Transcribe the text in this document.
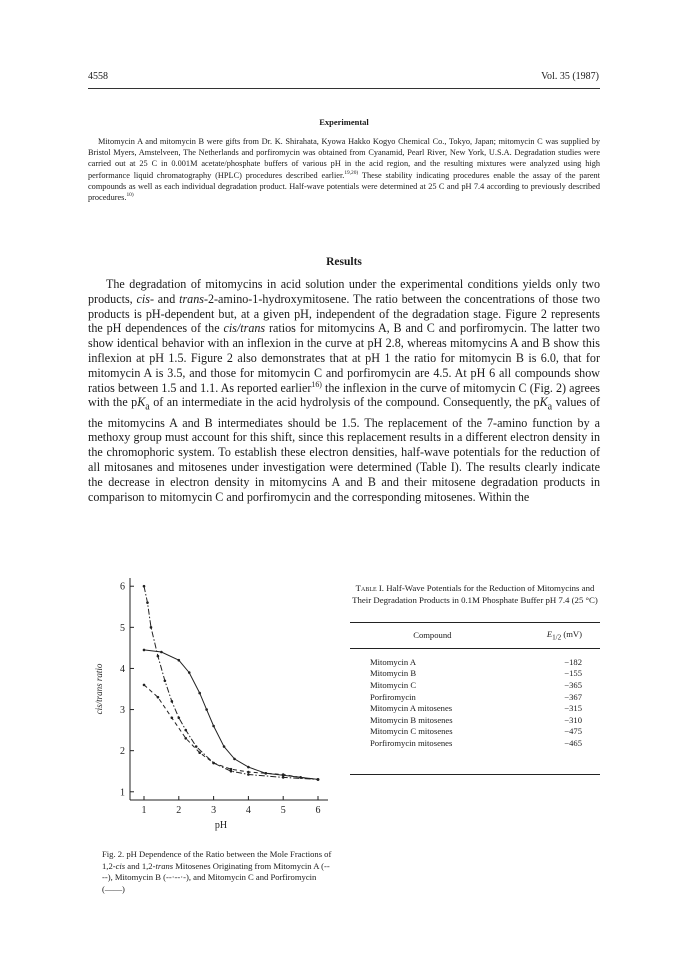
4558	Vol. 35 (1987)
Experimental

Mitomycin A and mitomycin B were gifts from Dr. K. Shirahata, Kyowa Hakko Kogyo Chemical Co., Tokyo, Japan; mitomycin C was supplied by Bristol Myers, Amstelveen, The Netherlands and porfiromycin was obtained from Cyanamid, Pearl River, New York, U.S.A. Degradation studies were carried out at 25 C in 0.001M acetate/phosphate buffers of various pH in the acid region, and the resulting mixtures were analyzed using high performance liquid chromatography (HPLC) procedures described earlier.$^{19,20)}$ These stability indicating procedures enable the assay of the parent compounds as well as each individual degradation product. Half-wave potentials were determined at 25 C and pH 7.4 according to previously described procedures.$^{10)}$

Results

The degradation of mitomycins in acid solution under the experimental conditions yields only two products, cis- and trans-2-amino-1-hydroxymitosene. The ratio between the concentrations of those two products is pH-dependent but, at a given pH, independent of the degradation stage. Figure 2 represents the pH dependences of the cis/trans ratios for mitomycins A, B and C and porfiromycin. The latter two show identical behavior with an inflexion in the curve at pH 2.8, whereas mitomycins A and B show this inflexion at pH 1.5. Figure 2 also demonstrates that at pH 1 the ratio for mitomycin B is 6.0, that for mitomycin A is 3.5, and those for mitomycin C and porfiromycin are 4.5. At pH 6 all compounds show ratios between 1.5 and 1.1. As reported earlier$^{16)}$ the inflexion in the curve of mitomycin C (Fig. 2) agrees with the $pK_a$ of an intermediate in the acid hydrolysis of the compound. Consequently, the $pK_a$ values of the mitomycins A and B intermediates should be 1.5. The replacement of the 7-amino function by a methoxy group must account for this shift, since this replacement results in a different electron density in the chromophoric system. To establish these electron densities, half-wave potentials for the reduction of all mitosanes and mitosenes under investigation were determined (Table I). The results clearly indicate the decrease in electron density in mitomycins A and B and their mitosene degradation products in comparison to mitomycin C and porfiromycin and the corresponding mitosenes. Within the

1
2
3
4
5
6
1	2	3	4	5	6
pH
cis/trans ratio

Fig. 2. pH Dependence of the Ratio between the Mole Fractions of 1,2-cis and 1,2-trans Mitosenes Originating from Mitomycin A (----), Mitomycin B (--·--·-), and Mitomycin C and Porfiromycin (——)

Table I. Half-Wave Potentials for the Reduction of Mitomycins and Their Degradation Products in 0.1M Phosphate Buffer pH 7.4 (25 °C)
Compound	$E_{1/2}$ (mV)
Mitomycin A	−182
Mitomycin B	−155
Mitomycin C	−365
Porfiromycin	−367
Mitomycin A mitosenes	−315
Mitomycin B mitosenes	−310
Mitomycin C mitosenes	−475
Porfiromycin mitosenes	−465
